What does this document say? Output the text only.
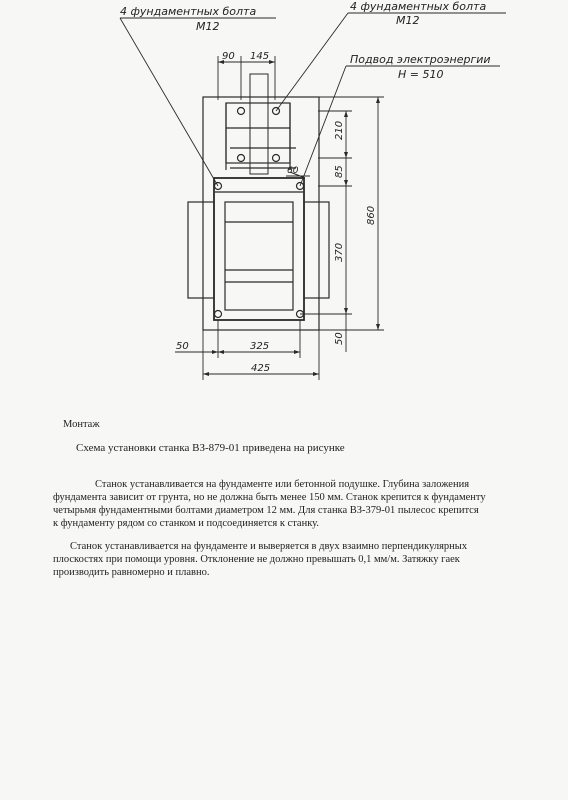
4 фундаментных болта
М12
4 фундаментных болта
М12
Подвод электроэнергии
Н = 510
90 145
60
210
85
370
860
50
50	325
425

Монтаж

Схема установки станка ВЗ-879-01 приведена на рисунке

Станок устанавливается на фундаменте или бетонной подушке. Глубина заложения

фундамента зависит от грунта, но не должна быть менее 150 мм. Станок крепится к фундаменту

четырьмя фундаментными болтами диаметром 12 мм. Для станка ВЗ-379-01 пылесос крепится

к фундаменту рядом со станком и подсоединяется к станку.

Станок устанавливается на фундаменте и выверяется в двух взаимно перпендикулярных

плоскостях при помощи уровня. Отклонение не должно превышать 0,1 мм/м. Затяжку гаек

производить равномерно и плавно.
